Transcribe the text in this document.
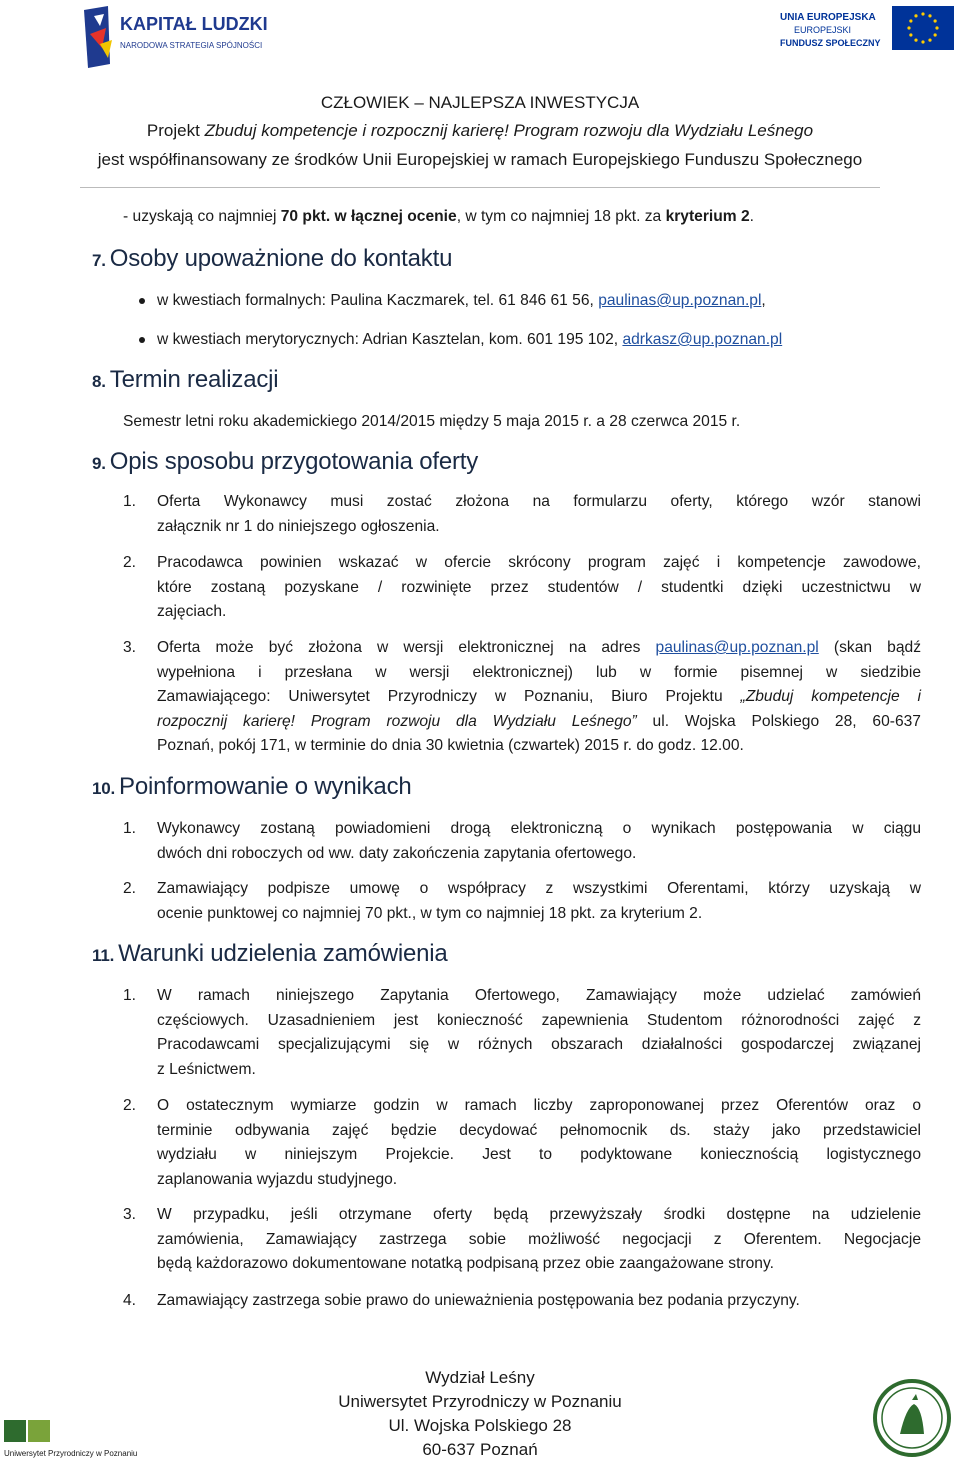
KAPITAŁ LUDZKI
NARODOWA STRATEGIA SPÓJNOŚCI
UNIA EUROPEJSKA
EUROPEJSKI
FUNDUSZ SPOŁECZNY
CZŁOWIEK – NAJLEPSZA INWESTYCJA
Projekt Zbuduj kompetencje i rozpocznij karierę! Program rozwoju dla Wydziału Leśnego
jest współfinansowany ze środków Unii Europejskiej w ramach Europejskiego Funduszu Społecznego
- uzyskają co najmniej 70 pkt. w łącznej ocenie, w tym co najmniej 18 pkt. za kryterium 2.
7. Osoby upoważnione do kontaktu
w kwestiach formalnych: Paulina Kaczmarek, tel. 61 846 61 56, paulinas@up.poznan.pl,
w kwestiach merytorycznych: Adrian Kasztelan, kom. 601 195 102, adrkasz@up.poznan.pl
8. Termin realizacji
Semestr letni roku akademickiego 2014/2015 między 5 maja 2015 r. a 28 czerwca 2015 r.
9. Opis sposobu przygotowania oferty
1. Oferta Wykonawcy musi zostać złożona na formularzu oferty, którego wzór stanowi
załącznik nr 1 do niniejszego ogłoszenia.
2. Pracodawca powinien wskazać w ofercie skrócony program zajęć i kompetencje zawodowe,
które zostaną pozyskane / rozwinięte przez studentów / studentki dzięki uczestnictwu w
zajęciach.
3. Oferta może być złożona w wersji elektronicznej na adres paulinas@up.poznan.pl (skan bądź
wypełniona i przesłana w wersji elektronicznej) lub w formie pisemnej w siedzibie
Zamawiającego: Uniwersytet Przyrodniczy w Poznaniu, Biuro Projektu „Zbuduj kompetencje i
rozpocznij karierę! Program rozwoju dla Wydziału Leśnego” ul. Wojska Polskiego 28, 60-637
Poznań, pokój 171, w terminie do dnia 30 kwietnia (czwartek) 2015 r. do godz. 12.00.
10. Poinformowanie o wynikach
1. Wykonawcy zostaną powiadomieni drogą elektroniczną o wynikach postępowania w ciągu
dwóch dni roboczych od ww. daty zakończenia zapytania ofertowego.
2. Zamawiający podpisze umowę o współpracy z wszystkimi Oferentami, którzy uzyskają w
ocenie punktowej co najmniej 70 pkt., w tym co najmniej 18 pkt. za kryterium 2.
11. Warunki udzielenia zamówienia
1. W ramach niniejszego Zapytania Ofertowego, Zamawiający może udzielać zamówień
częściowych. Uzasadnieniem jest konieczność zapewnienia Studentom różnorodności zajęć z
Pracodawcami specjalizującymi się w różnych obszarach działalności gospodarczej związanej
z Leśnictwem.
2. O ostatecznym wymiarze godzin w ramach liczby zaproponowanej przez Oferentów oraz o
terminie odbywania zajęć będzie decydować pełnomocnik ds. staży jako przedstawiciel
wydziału w niniejszym Projekcie. Jest to podyktowane koniecznością logistycznego
zaplanowania wyjazdu studyjnego.
3. W przypadku, jeśli otrzymane oferty będą przewyższały środki dostępne na udzielenie
zamówienia, Zamawiający zastrzega sobie możliwość negocjacji z Oferentem. Negocjacje
będą każdorazowo dokumentowane notatką podpisaną przez obie zaangażowane strony.
4. Zamawiający zastrzega sobie prawo do unieważnienia postępowania bez podania przyczyny.
Wydział Leśny
Uniwersytet Przyrodniczy w Poznaniu
Ul. Wojska Polskiego 28
60-637 Poznań
Uniwersytet Przyrodniczy w Poznaniu
